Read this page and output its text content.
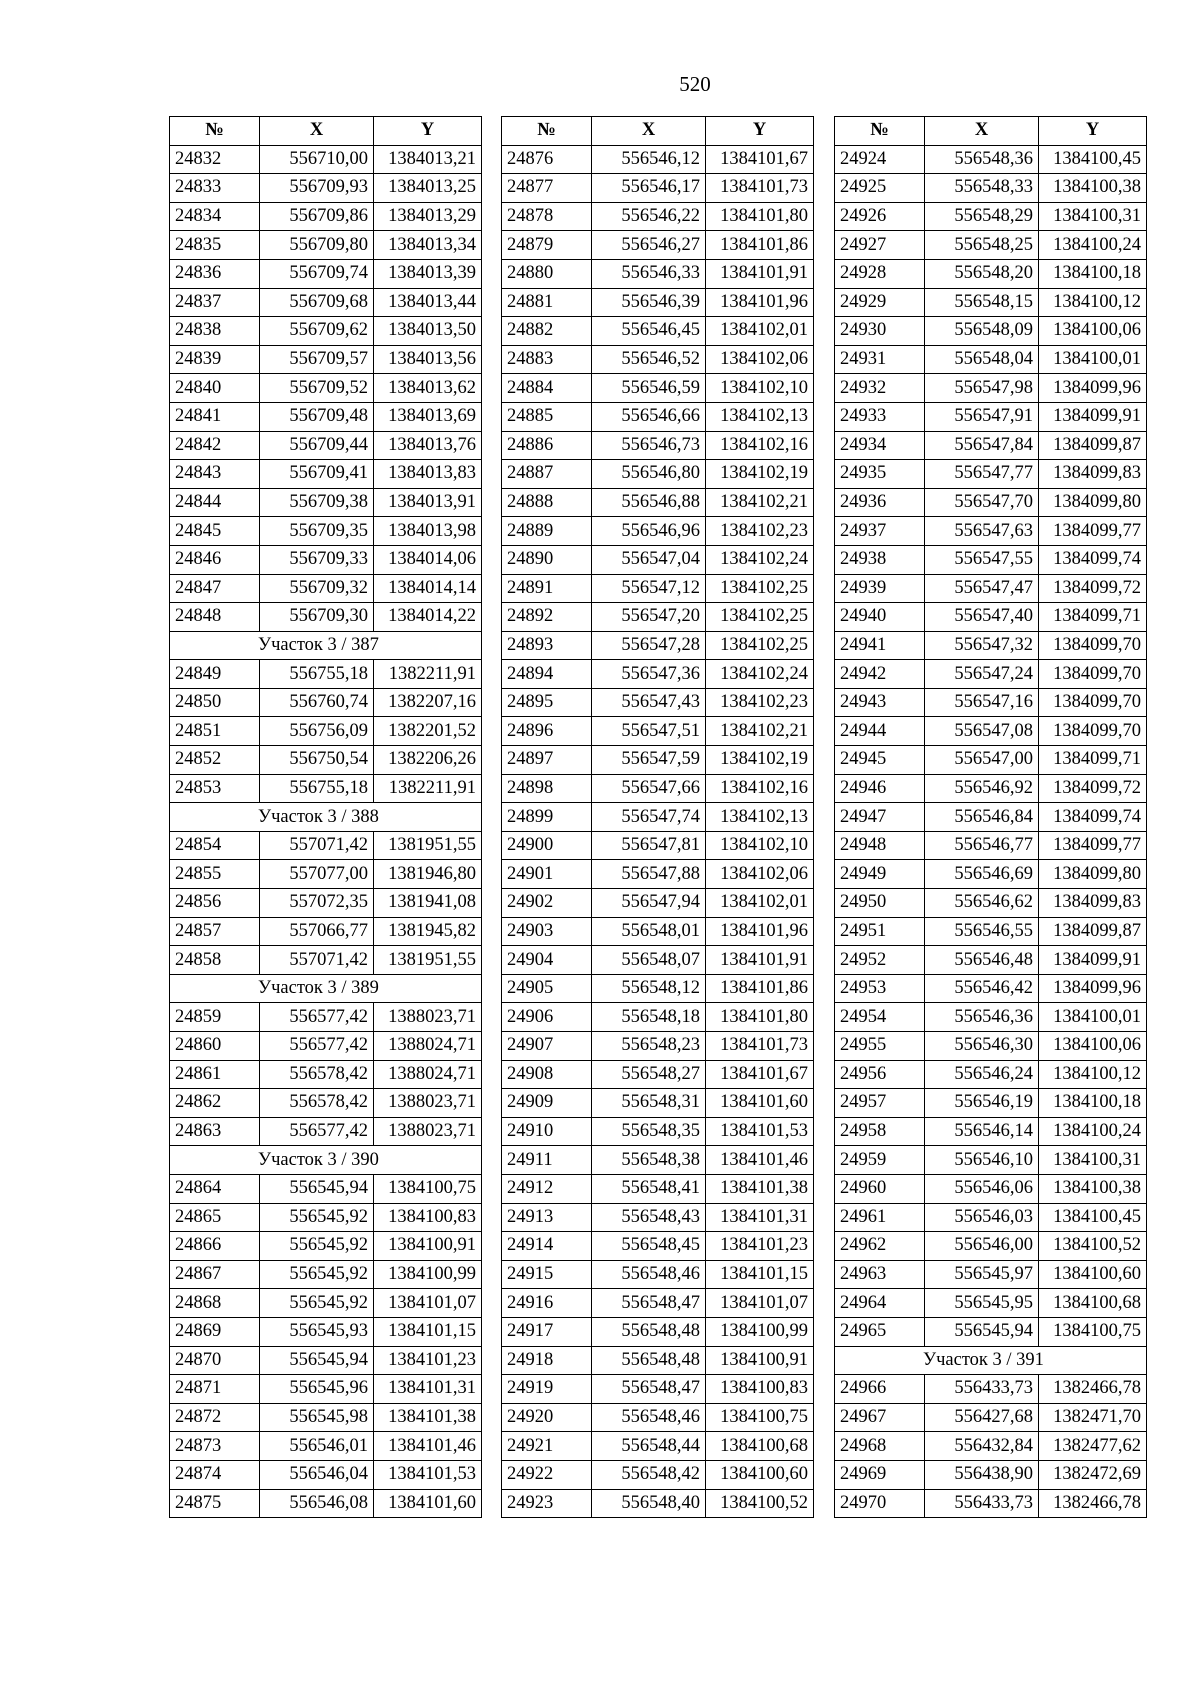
520
№	X	Y
24832	556710,00	1384013,21
24833	556709,93	1384013,25
24834	556709,86	1384013,29
24835	556709,80	1384013,34
24836	556709,74	1384013,39
24837	556709,68	1384013,44
24838	556709,62	1384013,50
24839	556709,57	1384013,56
24840	556709,52	1384013,62
24841	556709,48	1384013,69
24842	556709,44	1384013,76
24843	556709,41	1384013,83
24844	556709,38	1384013,91
24845	556709,35	1384013,98
24846	556709,33	1384014,06
24847	556709,32	1384014,14
24848	556709,30	1384014,22
Участок 3 / 387		
24849	556755,18	1382211,91
24850	556760,74	1382207,16
24851	556756,09	1382201,52
24852	556750,54	1382206,26
24853	556755,18	1382211,91
Участок 3 / 388		
24854	557071,42	1381951,55
24855	557077,00	1381946,80
24856	557072,35	1381941,08
24857	557066,77	1381945,82
24858	557071,42	1381951,55
Участок 3 / 389		
24859	556577,42	1388023,71
24860	556577,42	1388024,71
24861	556578,42	1388024,71
24862	556578,42	1388023,71
24863	556577,42	1388023,71
Участок 3 / 390		
24864	556545,94	1384100,75
24865	556545,92	1384100,83
24866	556545,92	1384100,91
24867	556545,92	1384100,99
24868	556545,92	1384101,07
24869	556545,93	1384101,15
24870	556545,94	1384101,23
24871	556545,96	1384101,31
24872	556545,98	1384101,38
24873	556546,01	1384101,46
24874	556546,04	1384101,53
24875	556546,08	1384101,60
№	X	Y
24876	556546,12	1384101,67
24877	556546,17	1384101,73
24878	556546,22	1384101,80
24879	556546,27	1384101,86
24880	556546,33	1384101,91
24881	556546,39	1384101,96
24882	556546,45	1384102,01
24883	556546,52	1384102,06
24884	556546,59	1384102,10
24885	556546,66	1384102,13
24886	556546,73	1384102,16
24887	556546,80	1384102,19
24888	556546,88	1384102,21
24889	556546,96	1384102,23
24890	556547,04	1384102,24
24891	556547,12	1384102,25
24892	556547,20	1384102,25
24893	556547,28	1384102,25
24894	556547,36	1384102,24
24895	556547,43	1384102,23
24896	556547,51	1384102,21
24897	556547,59	1384102,19
24898	556547,66	1384102,16
24899	556547,74	1384102,13
24900	556547,81	1384102,10
24901	556547,88	1384102,06
24902	556547,94	1384102,01
24903	556548,01	1384101,96
24904	556548,07	1384101,91
24905	556548,12	1384101,86
24906	556548,18	1384101,80
24907	556548,23	1384101,73
24908	556548,27	1384101,67
24909	556548,31	1384101,60
24910	556548,35	1384101,53
24911	556548,38	1384101,46
24912	556548,41	1384101,38
24913	556548,43	1384101,31
24914	556548,45	1384101,23
24915	556548,46	1384101,15
24916	556548,47	1384101,07
24917	556548,48	1384100,99
24918	556548,48	1384100,91
24919	556548,47	1384100,83
24920	556548,46	1384100,75
24921	556548,44	1384100,68
24922	556548,42	1384100,60
24923	556548,40	1384100,52
№	X	Y
24924	556548,36	1384100,45
24925	556548,33	1384100,38
24926	556548,29	1384100,31
24927	556548,25	1384100,24
24928	556548,20	1384100,18
24929	556548,15	1384100,12
24930	556548,09	1384100,06
24931	556548,04	1384100,01
24932	556547,98	1384099,96
24933	556547,91	1384099,91
24934	556547,84	1384099,87
24935	556547,77	1384099,83
24936	556547,70	1384099,80
24937	556547,63	1384099,77
24938	556547,55	1384099,74
24939	556547,47	1384099,72
24940	556547,40	1384099,71
24941	556547,32	1384099,70
24942	556547,24	1384099,70
24943	556547,16	1384099,70
24944	556547,08	1384099,70
24945	556547,00	1384099,71
24946	556546,92	1384099,72
24947	556546,84	1384099,74
24948	556546,77	1384099,77
24949	556546,69	1384099,80
24950	556546,62	1384099,83
24951	556546,55	1384099,87
24952	556546,48	1384099,91
24953	556546,42	1384099,96
24954	556546,36	1384100,01
24955	556546,30	1384100,06
24956	556546,24	1384100,12
24957	556546,19	1384100,18
24958	556546,14	1384100,24
24959	556546,10	1384100,31
24960	556546,06	1384100,38
24961	556546,03	1384100,45
24962	556546,00	1384100,52
24963	556545,97	1384100,60
24964	556545,95	1384100,68
24965	556545,94	1384100,75
Участок 3 / 391		
24966	556433,73	1382466,78
24967	556427,68	1382471,70
24968	556432,84	1382477,62
24969	556438,90	1382472,69
24970	556433,73	1382466,78
